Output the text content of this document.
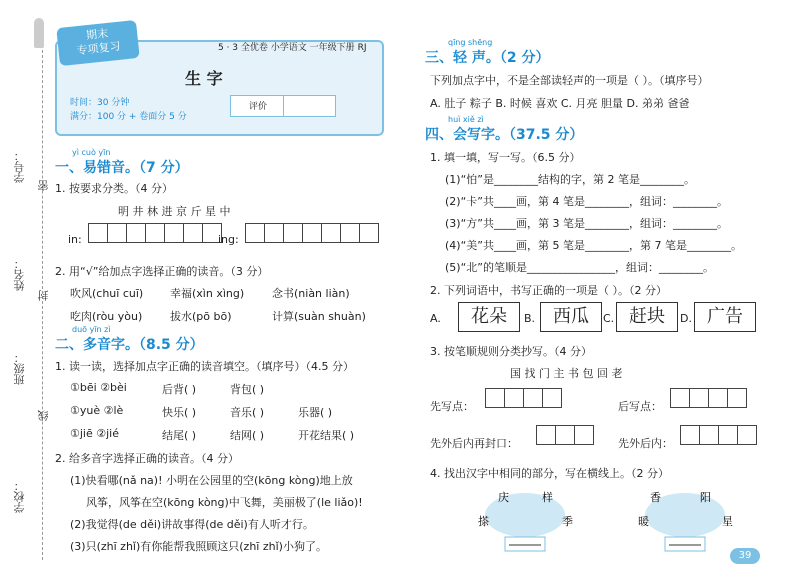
学号：
姓名：
班级：
学校：
密
封
线
期末
专项复习	5 · 3 全优卷 小学语文 一年级下册 RJ
生 字
时间：30 分钟
满分：100 分 + 卷面分 5 分
评价
yì cuò yīn
一、易错音。（7 分）
1. 按要求分类。（4 分）
明 井 林 进 京 斤 星 中
in:	ing:
2. 用“√”给加点字选择正确的读音。（3 分）
吹风(chuī cuī) 幸福(xìn xìng)	念书(niàn liàn)
吃肉(ròu yòu)	拔水(pō bō)	计算(suàn shuàn)
duō yīn zì
二、多音字。（8.5 分）
1. 读一读，选择加点字正确的读音填空。（填序号）（4.5 分）
①bēi ②bèi	后背( )	背包( )
①yuè ②lè	快乐( )	音乐( )	乐器( )
①jiē ②jié	结尾( )	结网( )	开花结果( )
2. 给多音字选择正确的读音。（4 分）
(1)快看哪(nǎ na)! 小明在公园里的空(kōng kòng)地上放
风筝，风筝在空(kōng kòng)中飞舞，美丽极了(le liǎo)!
(2)我觉得(de děi)讲故事得(de děi)有人听才行。
(3)只(zhī zhǐ)有你能帮我照顾这只(zhī zhǐ)小狗了。
qīng shēng
三、轻 声。（2 分）
下列加点字中，不是全部读轻声的一项是（ ）。（填序号）
A. 肚子 粽子 B. 时候 喜欢 C. 月亮 胆量 D. 弟弟 爸爸
huì xiě zì
四、会写字。（37.5 分）
1. 填一填，写一写。（6.5 分）
(1)“怕”是________结构的字，第 2 笔是________。
(2)“卡”共____画，第 4 笔是________，组词：________。
(3)“方”共____画，第 3 笔是________，组词：________。
(4)“美”共____画，第 5 笔是________，第 7 笔是________。
(5)“北”的笔顺是________________，组词：________。
2. 下列词语中，书写正确的一项是（ ）。（2 分）
A.	花朵	B. 西瓜	C. 赶块	D. 广告
3. 按笔顺规则分类抄写。（4 分）
国 找 门 主 书 包 回 老
先写点：	后写点：
先外后内再封口：	先外后内：
4. 找出汉字中相同的部分，写在横线上。（2 分）
庆	样
搽	季
香	阳
暖	星
39
